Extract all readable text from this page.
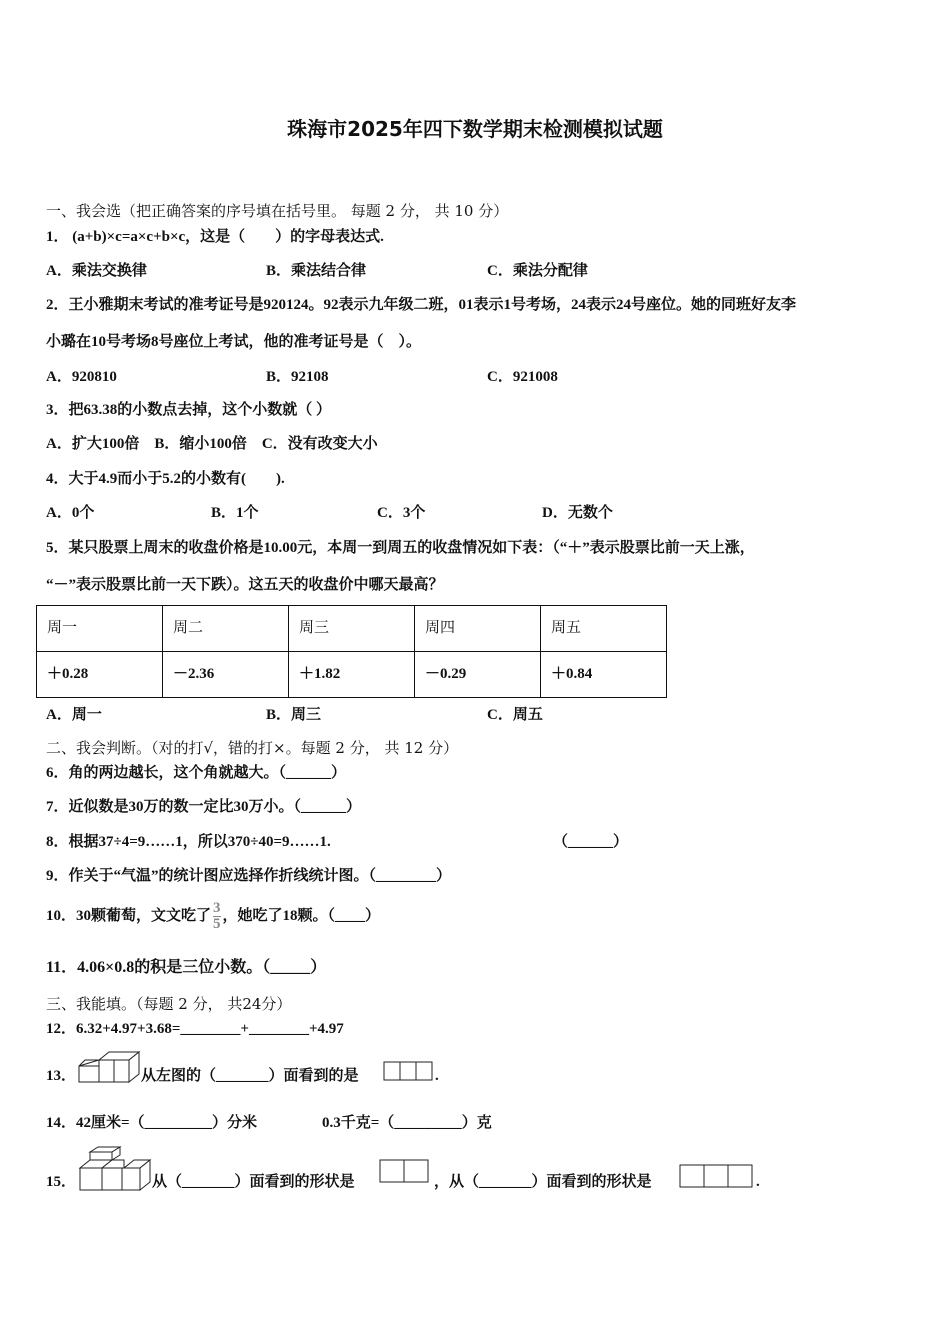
珠海市2025年四下数学期末检测模拟试题
一、我会选（把正确答案的序号填在括号里。 每题 2 分， 共 10 分）
1． (a+b)×c=a×c+b×c，这是（　　）的字母表达式.
A．乘法交换律	B．乘法结合律	C．乘法分配律
2．王小雅期末考试的准考证号是920124。92表示九年级二班，01表示1号考场，24表示24号座位。她的同班好友李
小璐在10号考场8号座位上考试，他的准考证号是（　）。
A．920810	B．92108	C．921008
3．把63.38的小数点去掉，这个小数就（ ）
A．扩大100倍　B．缩小100倍　C．没有改变大小
4．大于4.9而小于5.2的小数有(　　).
A．0个	B．1个	C．3个	D．无数个
5．某只股票上周末的收盘价格是10.00元，本周一到周五的收盘情况如下表：（“＋”表示股票比前一天上涨，
“－”表示股票比前一天下跌）。这五天的收盘价中哪天最高？
周一	周二	周三	周四	周五
＋0.28	－2.36	＋1.82	－0.29	＋0.84
A．周一	B．周三	C．周五
二、我会判断。（对的打√，错的打×。每题 2 分， 共 12 分）
6．角的两边越长，这个角就越大。（______）
7．近似数是30万的数一定比30万小。（______）
8．根据37÷4=9……1，所以370÷40=9……1.	（______）
9．作关于“气温”的统计图应选择作折线统计图。（________）
10．30颗葡萄，文文吃了 $\frac{3}{5}$ ，她吃了18颗。（____）
11．4.06×0.8的积是三位小数。（_____）
三、我能填。（每题 2 分， 共24分）
12．6.32+4.97+3.68=________+________+4.97
13．	从左图的（_______）面看到的是	.
14．42厘米=（_________）分米	0.3千克=（_________）克
15．	从（_______）面看到的形状是	，从（_______）面看到的形状是	.
